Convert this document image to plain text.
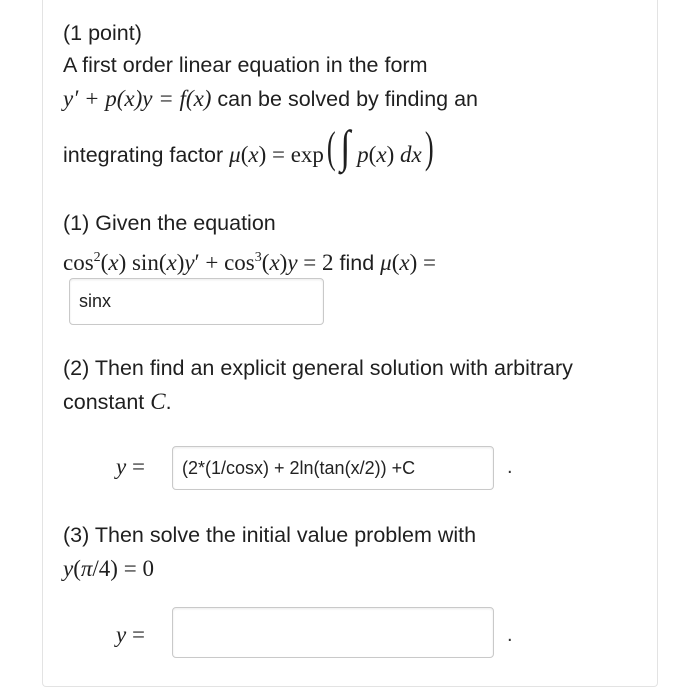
(1 point)
A first order linear equation in the form
y′ + p(x)y = f(x) can be solved by finding an
integrating factor μ(x) = exp(∫ p(x) dx)
(1) Given the equation
$\cos^2(x) \sin(x)y' + \cos^3(x)y = 2$ find μ(x) =
sinx
(2) Then find an explicit general solution with arbitrary
constant C.
y = (2*(1/cosx) + 2ln(tan(x/2)) +C	.
(3) Then solve the initial value problem with
y(π/4) = 0
y =	.
